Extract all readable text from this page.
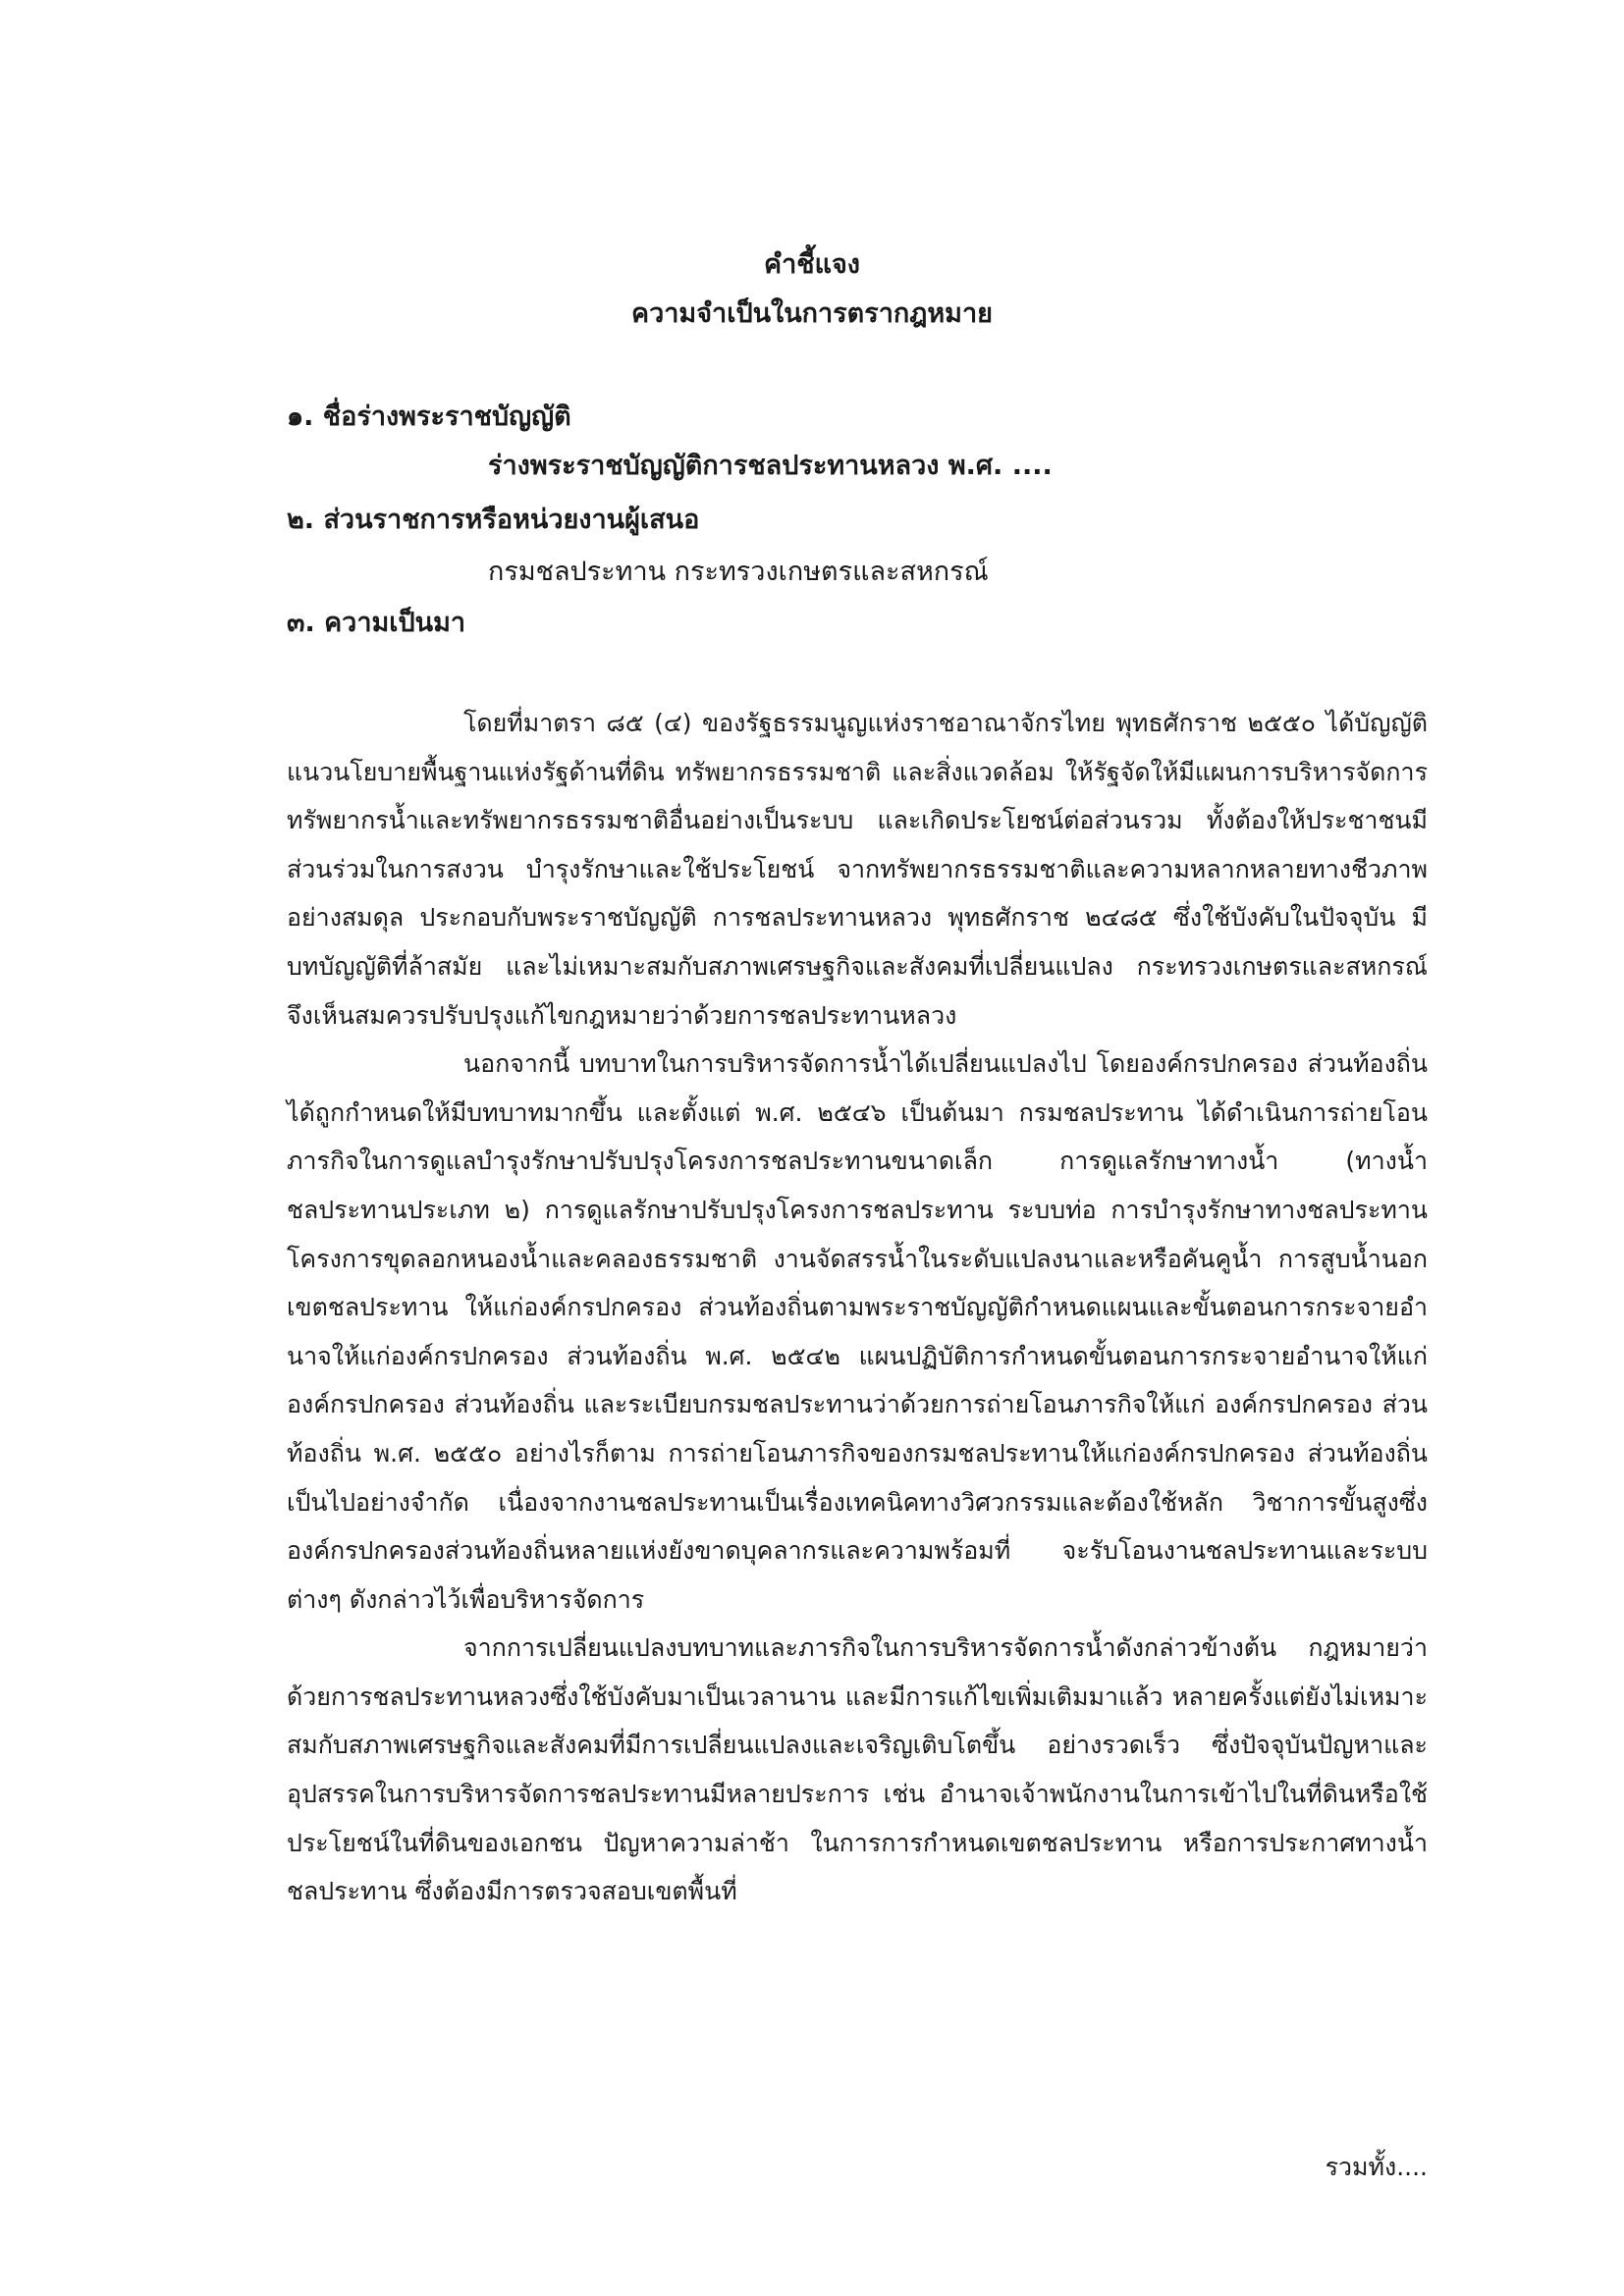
คำชี้แจง
ความจำเป็นในการตรากฎหมาย
๑. ชื่อร่างพระราชบัญญัติ
ร่างพระราชบัญญัติการชลประทานหลวง พ.ศ. ....
๒. ส่วนราชการหรือหน่วยงานผู้เสนอ
กรมชลประทาน กระทรวงเกษตรและสหกรณ์
๓. ความเป็นมา

โดยที่มาตรา ๘๕ (๔) ของรัฐธรรมนูญแห่งราชอาณาจักรไทย พุทธศักราช ๒๕๕๐ ได้บัญญัติแนวนโยบายพื้นฐานแห่งรัฐด้านที่ดิน ทรัพยากรธรรมชาติ และสิ่งแวดล้อม ให้รัฐจัดให้มีแผนการบริหารจัดการทรัพยากรน้ำและทรัพยากรธรรมชาติอื่นอย่างเป็นระบบ และเกิดประโยชน์ต่อส่วนรวม ทั้งต้องให้ประชาชนมีส่วนร่วมในการสงวน บำรุงรักษาและใช้ประโยชน์ จากทรัพยากรธรรมชาติและความหลากหลายทางชีวภาพอย่างสมดุล ประกอบกับพระราชบัญญัติ การชลประทานหลวง พุทธศักราช ๒๔๘๕ ซึ่งใช้บังคับในปัจจุบัน มีบทบัญญัติที่ล้าสมัย และไม่เหมาะสมกับสภาพเศรษฐกิจและสังคมที่เปลี่ยนแปลง กระทรวงเกษตรและสหกรณ์ จึงเห็นสมควรปรับปรุงแก้ไขกฎหมายว่าด้วยการชลประทานหลวง

นอกจากนี้ บทบาทในการบริหารจัดการน้ำได้เปลี่ยนแปลงไป โดยองค์กรปกครอง ส่วนท้องถิ่นได้ถูกกำหนดให้มีบทบาทมากขึ้น และตั้งแต่ พ.ศ. ๒๕๔๖ เป็นต้นมา กรมชลประทาน ได้ดำเนินการถ่ายโอนภารกิจในการดูแลบำรุงรักษาปรับปรุงโครงการชลประทานขนาดเล็ก การดูแลรักษาทางน้ำ (ทางน้ำชลประทานประเภท ๒) การดูแลรักษาปรับปรุงโครงการชลประทาน ระบบท่อ การบำรุงรักษาทางชลประทาน โครงการขุดลอกหนองน้ำและคลองธรรมชาติ งานจัดสรรน้ำในระดับแปลงนาและหรือคันคูน้ำ การสูบน้ำนอกเขตชลประทาน ให้แก่องค์กรปกครอง ส่วนท้องถิ่นตามพระราชบัญญัติกำหนดแผนและขั้นตอนการกระจายอำนาจให้แก่องค์กรปกครอง ส่วนท้องถิ่น พ.ศ. ๒๕๔๒ แผนปฏิบัติการกำหนดขั้นตอนการกระจายอำนาจให้แก่องค์กรปกครอง ส่วนท้องถิ่น และระเบียบกรมชลประทานว่าด้วยการถ่ายโอนภารกิจให้แก่ องค์กรปกครอง ส่วนท้องถิ่น พ.ศ. ๒๕๕๐ อย่างไรก็ตาม การถ่ายโอนภารกิจของกรมชลประทานให้แก่องค์กรปกครอง ส่วนท้องถิ่นเป็นไปอย่างจำกัด เนื่องจากงานชลประทานเป็นเรื่องเทคนิคทางวิศวกรรมและต้องใช้หลัก วิชาการขั้นสูงซึ่งองค์กรปกครองส่วนท้องถิ่นหลายแห่งยังขาดบุคลากรและความพร้อมที่ จะรับโอนงานชลประทานและระบบต่างๆ ดังกล่าวไว้เพื่อบริหารจัดการ

จากการเปลี่ยนแปลงบทบาทและภารกิจในการบริหารจัดการน้ำดังกล่าวข้างต้น กฎหมายว่าด้วยการชลประทานหลวงซึ่งใช้บังคับมาเป็นเวลานาน และมีการแก้ไขเพิ่มเติมมาแล้ว หลายครั้งแต่ยังไม่เหมาะสมกับสภาพเศรษฐกิจและสังคมที่มีการเปลี่ยนแปลงและเจริญเติบโตขึ้น อย่างรวดเร็ว ซึ่งปัจจุบันปัญหาและอุปสรรคในการบริหารจัดการชลประทานมีหลายประการ เช่น อำนาจเจ้าพนักงานในการเข้าไปในที่ดินหรือใช้ประโยชน์ในที่ดินของเอกชน ปัญหาความล่าช้า ในการการกำหนดเขตชลประทาน หรือการประกาศทางน้ำชลประทาน ซึ่งต้องมีการตรวจสอบเขตพื้นที่

รวมทั้ง....
